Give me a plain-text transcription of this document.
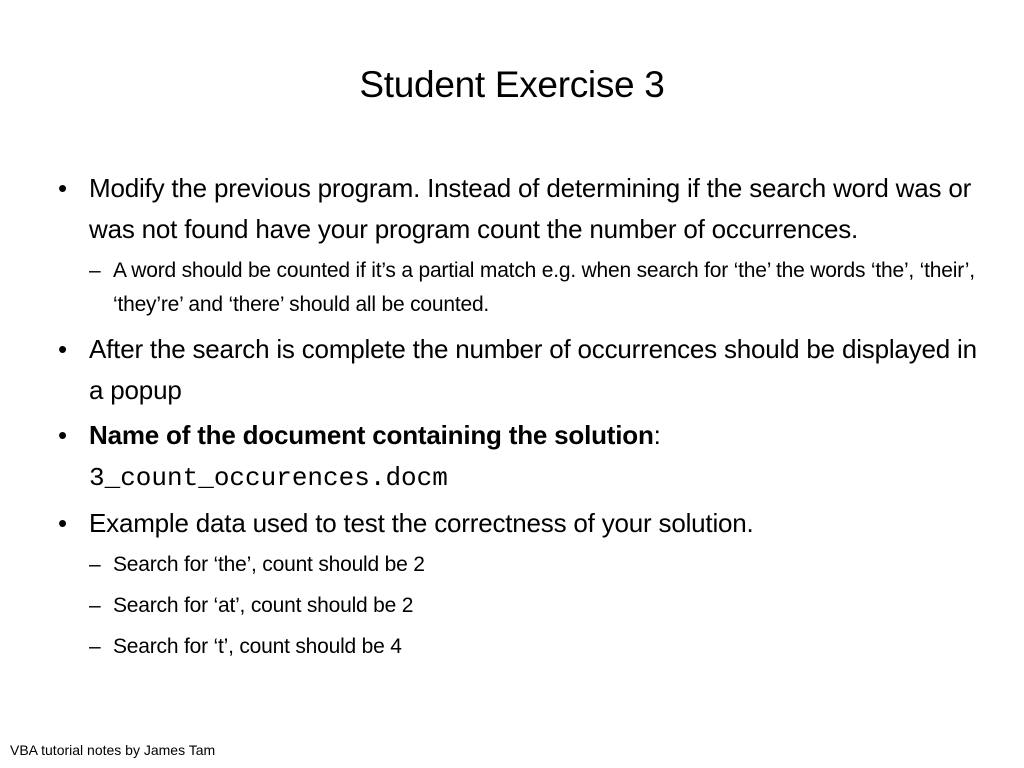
Student Exercise 3
• Modify the previous program. Instead of determining if the search word was or was not found have your program count the number of occurrences.
– A word should be counted if it’s a partial match e.g. when search for ‘the’ the words ‘the’, ‘their’, ‘they’re’ and ‘there’ should all be counted.
• After the search is complete the number of occurrences should be displayed in a popup
• Name of the document containing the solution:
3_count_occurences.docm
• Example data used to test the correctness of your solution.
– Search for ‘the’, count should be 2
– Search for ‘at’, count should be 2
– Search for ‘t’, count should be 4
VBA tutorial notes by James Tam
